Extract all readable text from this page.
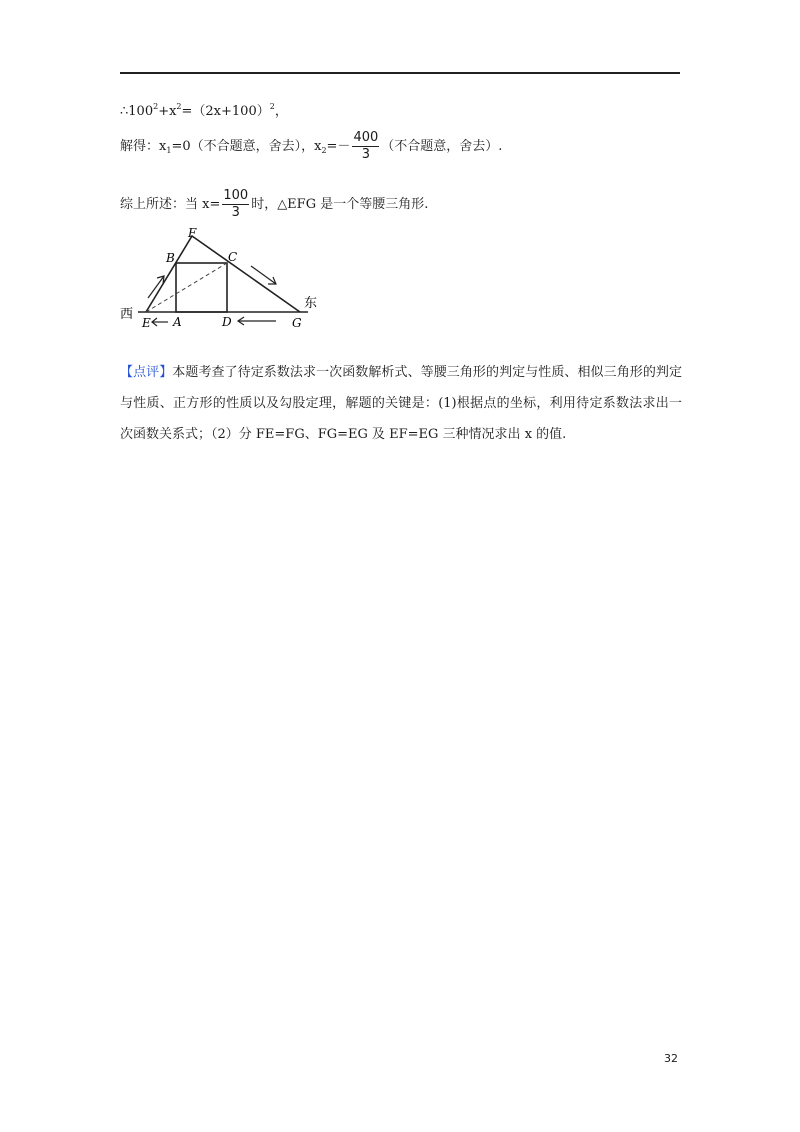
$\therefore 100^2+x^2=(2x+100)^2$，
解得：$x_1=0$（不合题意，舍去），$x_2=- \frac{400}{3}$ （不合题意，舍去）.
综上所述：当 $x= \frac{100}{3}$ 时，△EFG 是一个等腰三角形.
F
B	C
西
东
E A	D	G
【点评】本题考查了待定系数法求一次函数解析式、等腰三角形的判定与性质、相似三角形的判定与性质、正方形的性质以及勾股定理，解题的关键是：(1)根据点的坐标，利用待定系数法求出一次函数关系式；（2）分 FE=FG、FG=EG 及 EF=EG 三种情况求出 x 的值.
32
